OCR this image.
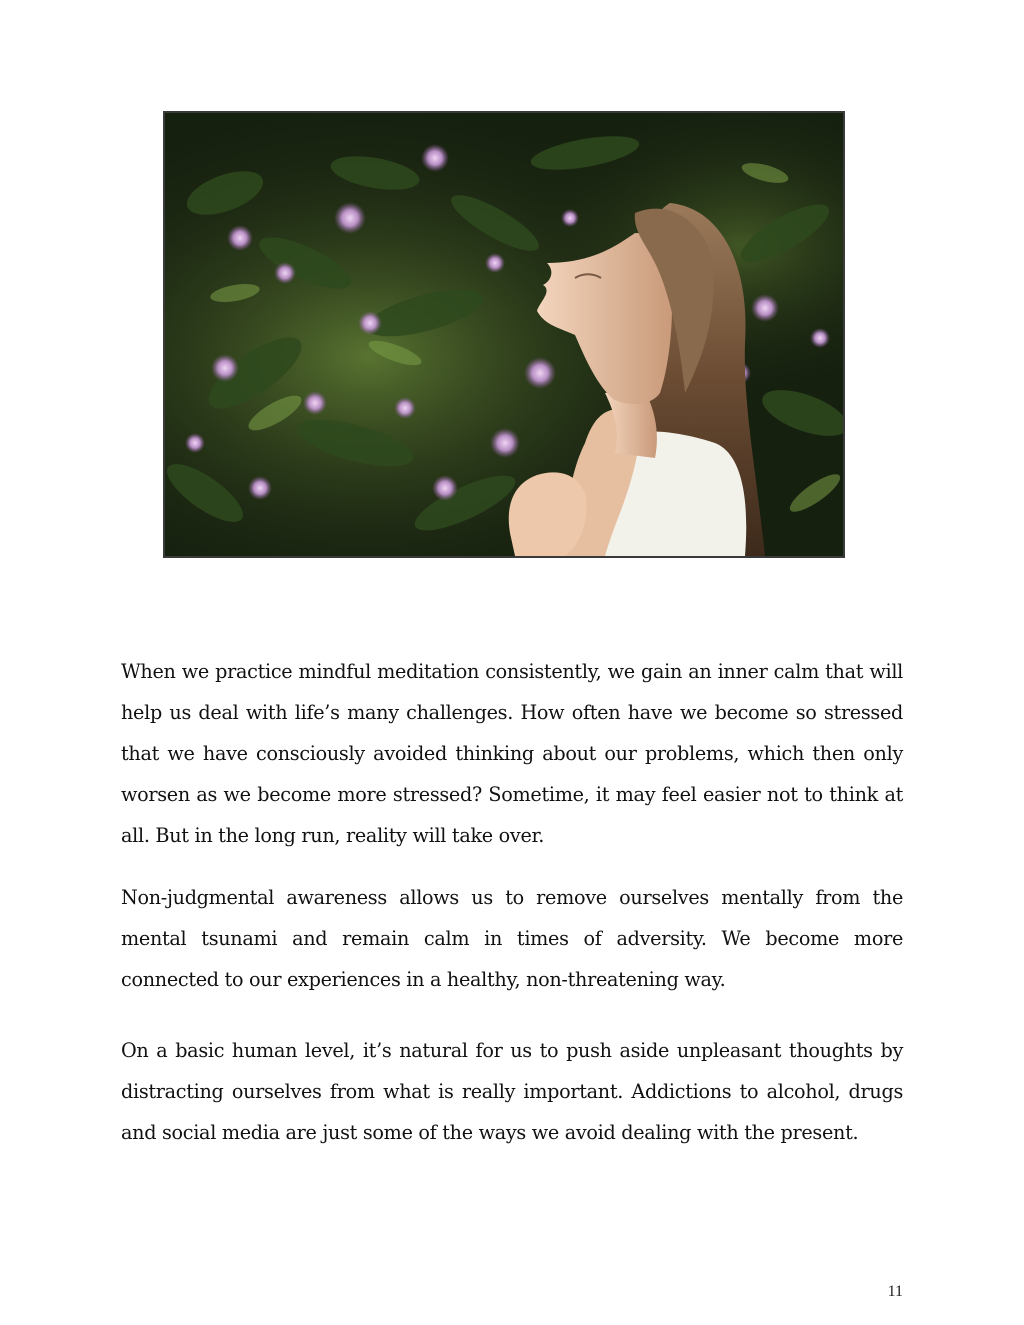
When we practice mindful meditation consistently, we gain an inner calm that will help us deal with life’s many challenges. How often have we become so stressed that we have consciously avoided thinking about our problems, which then only worsen as we become more stressed? Sometime, it may feel easier not to think at all. But in the long run, reality will take over.

Non-judgmental awareness allows us to remove ourselves mentally from the mental tsunami and remain calm in times of adversity. We become more connected to our experiences in a healthy, non-threatening way.

On a basic human level, it’s natural for us to push aside unpleasant thoughts by distracting ourselves from what is really important. Addictions to alcohol, drugs and social media are just some of the ways we avoid dealing with the present.

11
